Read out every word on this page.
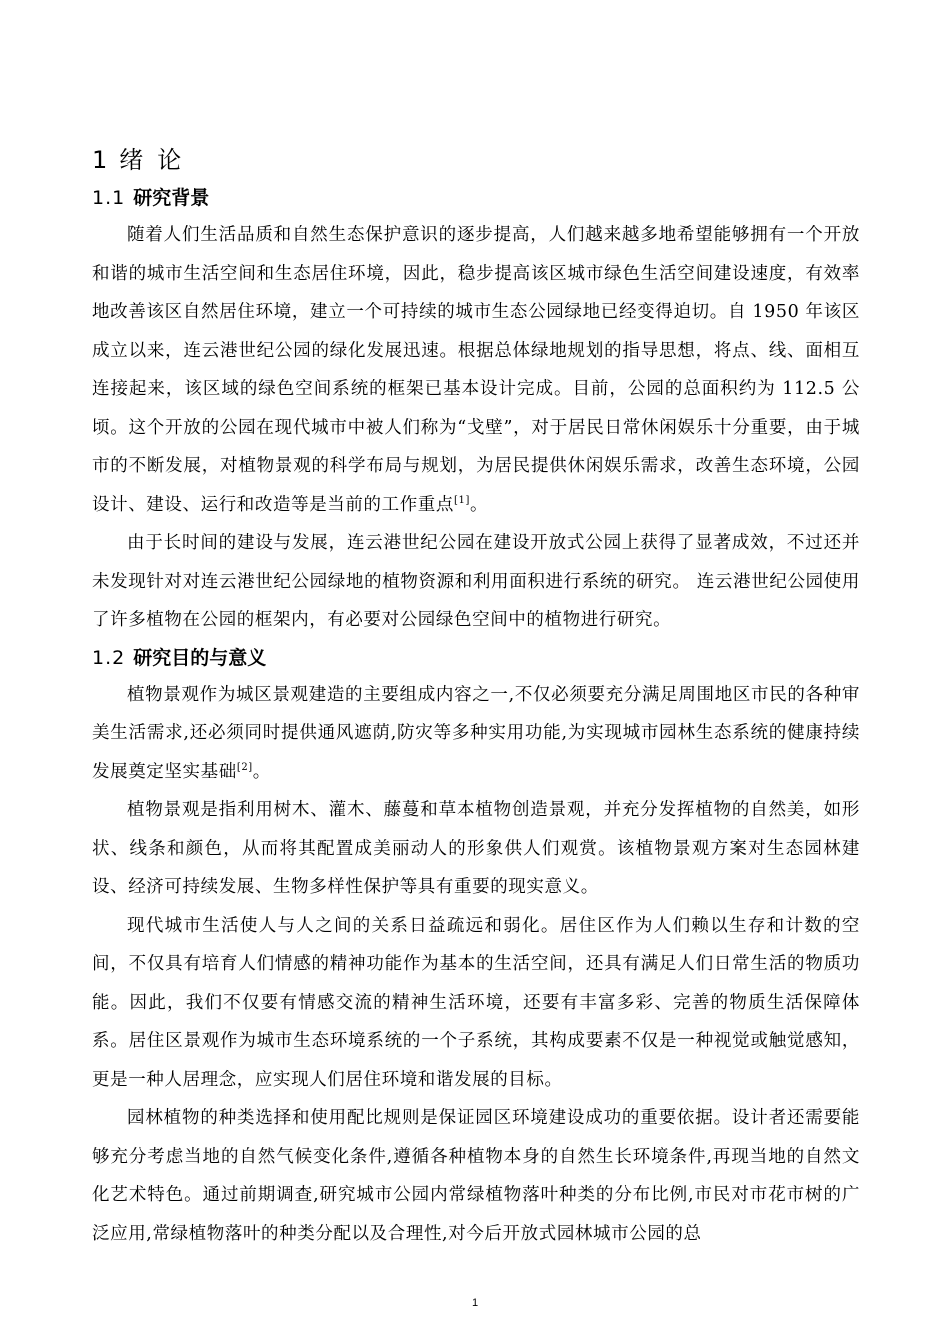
1 绪 论
1.1 研究背景

随着人们生活品质和自然生态保护意识的逐步提高，人们越来越多地希望能够拥有一个开放和谐的城市生活空间和生态居住环境，因此，稳步提高该区城市绿色生活空间建设速度，有效率地改善该区自然居住环境，建立一个可持续的城市生态公园绿地已经变得迫切。自 1950 年该区成立以来，连云港世纪公园的绿化发展迅速。根据总体绿地规划的指导思想，将点、线、面相互连接起来，该区域的绿色空间系统的框架已基本设计完成。目前，公园的总面积约为 112.5 公顷。这个开放的公园在现代城市中被人们称为“戈壁”，对于居民日常休闲娱乐十分重要，由于城市的不断发展，对植物景观的科学布局与规划，为居民提供休闲娱乐需求，改善生态环境，公园设计、建设、运行和改造等是当前的工作重点[1]。

由于长时间的建设与发展，连云港世纪公园在建设开放式公园上获得了显著成效，不过还并未发现针对对连云港世纪公园绿地的植物资源和利用面积进行系统的研究。 连云港世纪公园使用了许多植物在公园的框架内，有必要对公园绿色空间中的植物进行研究。

1.2 研究目的与意义

植物景观作为城区景观建造的主要组成内容之一,不仅必须要充分满足周围地区市民的各种审美生活需求,还必须同时提供通风遮荫,防灾等多种实用功能,为实现城市园林生态系统的健康持续发展奠定坚实基础[2]。

植物景观是指利用树木、灌木、藤蔓和草本植物创造景观，并充分发挥植物的自然美，如形状、线条和颜色，从而将其配置成美丽动人的形象供人们观赏。该植物景观方案对生态园林建设、经济可持续发展、生物多样性保护等具有重要的现实意义。

现代城市生活使人与人之间的关系日益疏远和弱化。居住区作为人们赖以生存和计数的空间，不仅具有培育人们情感的精神功能作为基本的生活空间，还具有满足人们日常生活的物质功能。因此，我们不仅要有情感交流的精神生活环境，还要有丰富多彩、完善的物质生活保障体系。居住区景观作为城市生态环境系统的一个子系统，其构成要素不仅是一种视觉或触觉感知，更是一种人居理念，应实现人们居住环境和谐发展的目标。

园林植物的种类选择和使用配比规则是保证园区环境建设成功的重要依据。设计者还需要能够充分考虑当地的自然气候变化条件,遵循各种植物本身的自然生长环境条件,再现当地的自然文化艺术特色。通过前期调查,研究城市公园内常绿植物落叶种类的分布比例,市民对市花市树的广泛应用,常绿植物落叶的种类分配以及合理性,对今后开放式园林城市公园的总

1
